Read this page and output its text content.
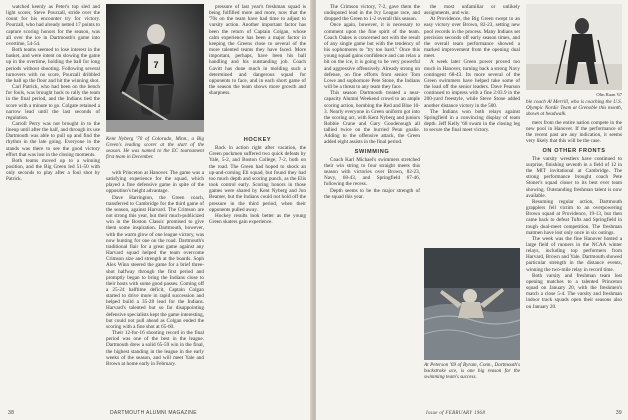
watched keenly as Peter's top sled and light scorer, Steve Pourzall, stride over the count for his encounter try for victory. Pourzall, who had already netted 17 points to capture scoring honors for the season, was all over the ice in Dartmouth's game into overtime, 54-54.

Both teams seemed to lose interest in the basket, and were intent on slowing the game up in the overtime, holding the ball for long periods without shooting. Following several turnovers with no score, Pourzall dribbled the ball up the floor and hit the winning shot.

Carl Patrick, who had been on the bench for fouls, was brought back to rally the team in the final period, and the Indians tied the score with a minute to go. Colgate retained a narrow lead until the last seconds of regulation.

Carroll Perry was not brought in to the lineup until after the half, and through its use Dartmouth was able to pull up and find the rhythm in the late going. Everyone in the stands was there to see the good victory effort that was lost in the closing moments.

Both teams moved up to a winning position, and the Big Green led 51-50 with only seconds to play after a foul shot by Patrick.

7
Kent Nyberg '70 of Colorado, Minn., a Big Green's leading scorer at the start of the season. He was named to the EC tournament first team in December.

with Princeton at Hanover. The game was a satisfying experience for the squad, which played a fine defensive game in spite of the opposition's height advantage.

Dave Harrington, the Green coach, transferred to Cambridge for the third game of the season, against Harvard. The Crimson are not strong this year, but their much-publicized win in the Boston Classic promised to give them some inspiration. Dartmouth, however, with the warm glow of one league victory, was now hunting for one on the road. Dartmouth's traditional flair for a great game against any Harvard squad helped the team overcome Crimson size and strength at the boards. Soph Alex Winn steered the game for a brief three-shot halfway through the first period and promptly began to bring the Indians close to their hosts with some good passes. Coming off a 25-24 halftime deficit, Captain Colgan started to drive more in rapid succession and helped build a 35-28 lead for the Indians. Harvard's talented but so far disappointing defensive specialists kept the game interesting, but could not pull ahead as Colgan ended the scoring with a fine shot at 65-60.

Their 12-for-16 shooting record in the final period was one of the best in the league. Dartmouth drew a solid 65-59 win in the final, the highest standing in the league in the early weeks of the season, and will meet Yale and Brown at home early in February.

pressure of last year's freshman squad is being fulfilled more and more, now that the '70s on the team have had time to adjust to varsity action. Another important factor has been the return of Captain Colgan, whose calm experience has been a major factor in keeping the Greens close to several of the more talented teams they have faced. More important, perhaps, have been his ball handling and his outstanding job. Coach Gavitt has done much in molding such a determined and dangerous squad for opponents to face, and in each short game of the season the team shows more growth and sharpness.

HOCKEY

Back in action right after vacation, the Green puckmen suffered two quick defeats by Yale, 5-2, and Boston College, 7-2, both on the road. The Green had hoped to shock an up-and-coming Eli squad, but found they had too much depth and scoring punch, as the Elis took control early. Scoring honors in those games were shared by Kent Nyberg and Jon Beamer, but the Indians could not hold off the pressure in the third period, when their opponents pulled away.

Hockey results look better as the young Green skaters gain experience.

38	DARTMOUTH ALUMNI MAGAZINE

The Crimson victory, 7-2, gave them the undisputed lead in the Ivy League race, and dropped the Green to 1-2 overall this season.

Once again, however, it is necessary to comment upon the fine spirit of the team. Coach Oakes is concerned not with the result of any single game but with the tendency of his sophomores to "try too hard." Once this young squad gains confidence and can relax a bit on the ice, it is going to be very powerful and aggressive offensively. Already strong on defense, on fine efforts from senior Tom Lowe and sophomore Pete Stone, the Indians will be a threat to any team they face.

This season Dartmouth treated a near-capacity Alumni Weekend crowd to an ample scoring action, bombing the Red and Blue 10-3. Nearly everyone in Green uniform got into the scoring act, with Kent Nyberg and juniors Robbie Crane and Gary Goodenough all tallied twice on the hurried Penn goalie. Adding to the offensive attack, the Green added eight assists in the final period.

SWIMMING

Coach Karl Michael's swimmers stretched their win string to four straight meets this season with victories over Brown, 82-23, Navy, 68-43, and Springfield 67-46, following the recess.

Depth seems to be the major strength of the squad this year.

the most unfamiliar or unlikely assignments, and win.

At Providence, the Big Green swept to an easy victory over Brown, 82-23, setting new pool records in the process. Many Indians set precision seconds off early season times, and the overall team performance showed a marked improvement from the opening dual meet.

A week later Green power proved too much in Hanover, turning back a strong Navy contingent 68-43. Its more several of the Green swimmers have helped take some of the load off the senior leaders. Dave Pearson continued to impress with a fine 2:03.9 in the 200-yard freestyle, while Steve Stone added another distance victory in the 500.

The Indians won both relays against Springfield in a convincing display of team depth. Jeff Kelly '68 swam in the closing leg to secure the final meet victory.

At Peterson '69 of Byram, Conn., Dartmouth's backstroke ace, is one big reason for the swimming team's success.
Olin Ruan '67
ble coach Al Merrill, who is coaching the U.S. Olympic Nordic Team at Grenoble this month, shown at headwalk.

mers from the entire nation compete in the new pool in Hanover. If the performance of the recent past are any indication, it seems very likely that this will be the case.

ON OTHER FRONTS

The varsity wrestlers have continued to surprise, finishing seventh in a field of 12 in the MIT invitational at Cambridge. The strong performance brought coach Pete Stoner's squad closer to its best ever team showing. Outstanding freshman talent is now available.

Resuming regular action, Dartmouth grapplers fell victim to an overpowering Brown squad at Providence, 19-13, but then came back to defeat Tufts and Springfield in tough dual-meet competition. The freshman matmen have lost only once in six outings.

The week was the fine Hanover hosted a large field of runners in the NCAA winter relays, including top performers from Harvard, Brown and Yale. Dartmouth showed particular strength in the distance events, winning the two-mile relay in record time.

Both varsity and freshman team lost opening matches to a talented Princeton squad on January 20, with the freshmen's match a close 5-4. The varsity and freshman indoor track squads open their seasons also on January 20.

Issue of FEBRUARY 1968	39
